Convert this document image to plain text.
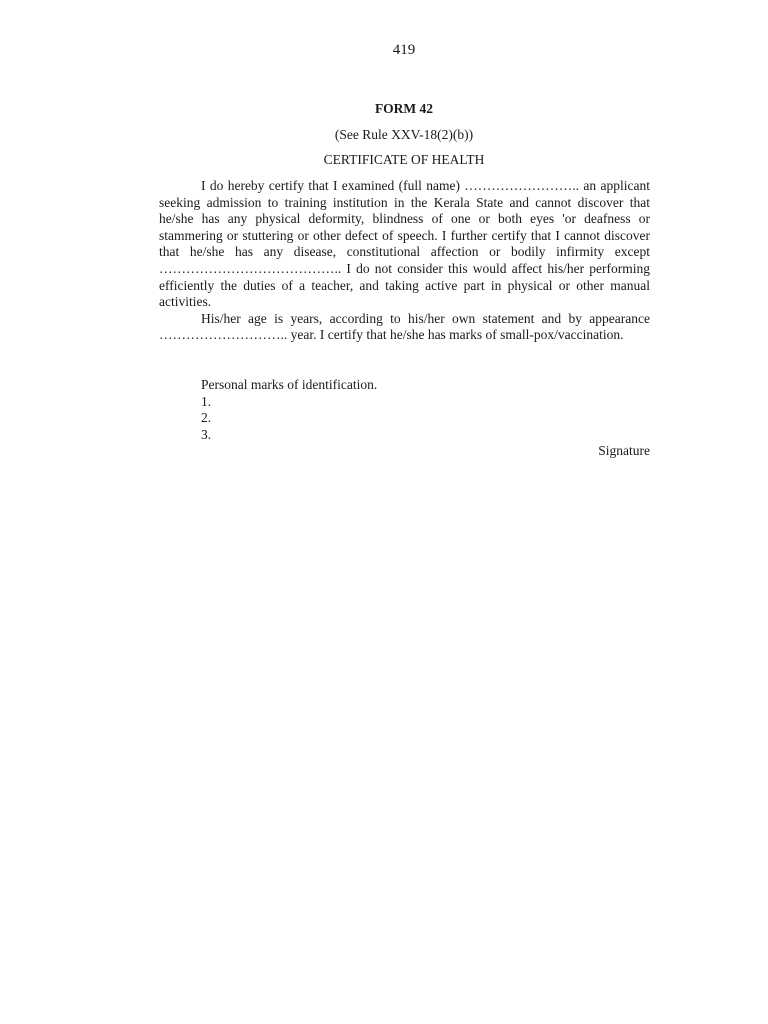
419
FORM 42
(See Rule XXV-18(2)(b))
CERTIFICATE OF HEALTH

I do hereby certify that I examined (full name) …………………….. an applicant seeking admission to training institution in the Kerala State and cannot discover that he/she has any physical deformity, blindness of one or both eyes 'or deafness or stammering or stuttering or other defect of speech. I further certify that I cannot discover that he/she has any disease, constitutional affection or bodily infirmity except ………………………………….. I do not consider this would affect his/her performing efficiently the duties of a teacher, and taking active part in physical or other manual activities.

His/her age is years, according to his/her own statement and by appearance ……………………….. year. I certify that he/she has marks of small-pox/vaccination.

Personal marks of identification.
1.
2.
3.
Signature
